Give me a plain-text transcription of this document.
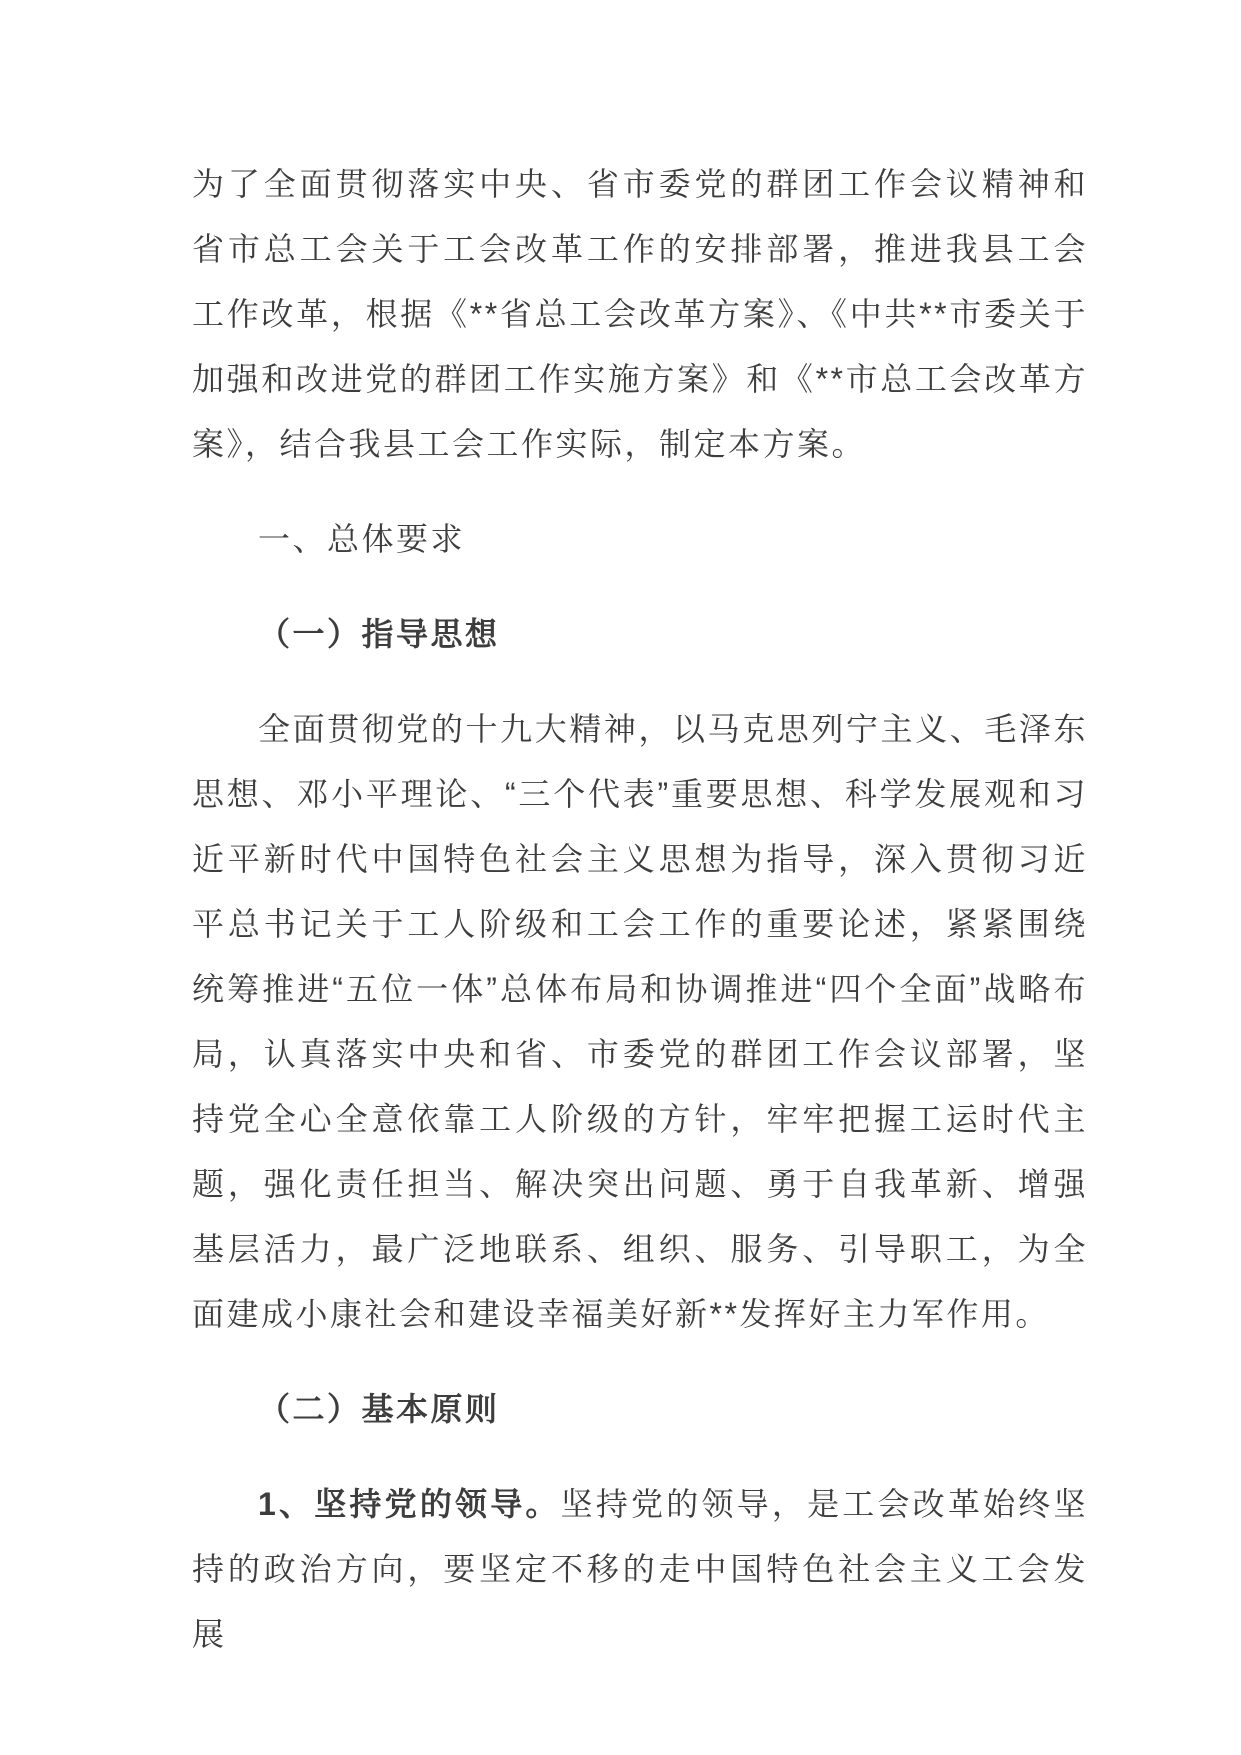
为了全面贯彻落实中央、省市委党的群团工作会议精神和省市总工会关于工会改革工作的安排部署，推进我县工会工作改革，根据《**省总工会改革方案》、《中共**市委关于加强和改进党的群团工作实施方案》和《**市总工会改革方案》，结合我县工会工作实际，制定本方案。

一、总体要求
（一）指导思想

全面贯彻党的十九大精神，以马克思列宁主义、毛泽东思想、邓小平理论、“三个代表”重要思想、科学发展观和习近平新时代中国特色社会主义思想为指导，深入贯彻习近平总书记关于工人阶级和工会工作的重要论述，紧紧围绕统筹推进“五位一体”总体布局和协调推进“四个全面”战略布局，认真落实中央和省、市委党的群团工作会议部署，坚持党全心全意依靠工人阶级的方针，牢牢把握工运时代主题，强化责任担当、解决突出问题、勇于自我革新、增强基层活力，最广泛地联系、组织、服务、引导职工，为全面建成小康社会和建设幸福美好新**发挥好主力军作用。

（二）基本原则

1、坚持党的领导。坚持党的领导，是工会改革始终坚持的政治方向，要坚定不移的走中国特色社会主义工会发展
